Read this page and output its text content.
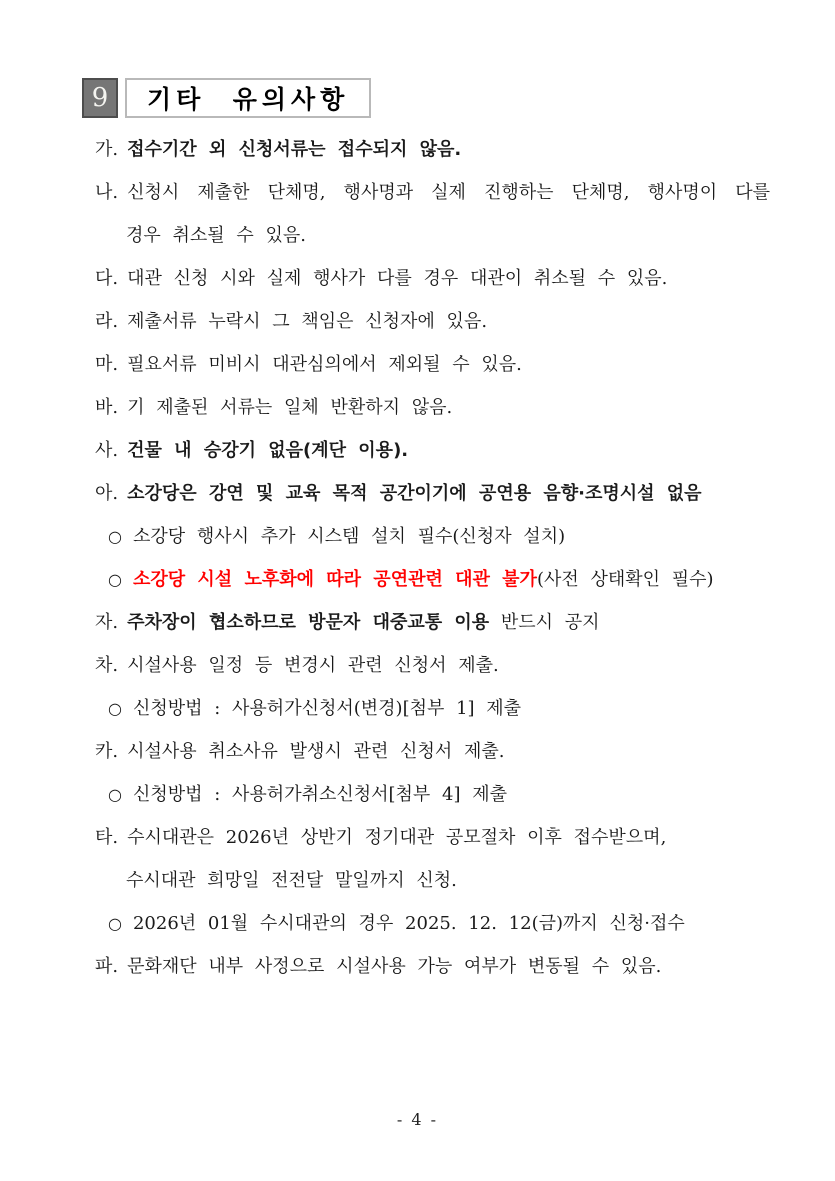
9	기타  유의사항
가. 접수기간 외 신청서류는 접수되지 않음.
나. 신청시 제출한 단체명, 행사명과 실제 진행하는 단체명, 행사명이 다를
경우 취소될 수 있음.
다. 대관 신청 시와 실제 행사가 다를 경우 대관이 취소될 수 있음.
라. 제출서류 누락시 그 책임은 신청자에 있음.
마. 필요서류 미비시 대관심의에서 제외될 수 있음.
바. 기 제출된 서류는 일체 반환하지 않음.
사. 건물 내 승강기 없음(계단 이용).
아. 소강당은 강연 및 교육 목적 공간이기에 공연용 음향·조명시설 없음
○ 소강당 행사시 추가 시스템 설치 필수(신청자 설치)
○ 소강당 시설 노후화에 따라 공연관련 대관 불가(사전 상태확인 필수)
자. 주차장이 협소하므로 방문자 대중교통 이용 반드시 공지
차. 시설사용 일정 등 변경시 관련 신청서 제출.
○ 신청방법 : 사용허가신청서(변경)[첨부 1] 제출
카. 시설사용 취소사유 발생시 관련 신청서 제출.
○ 신청방법 : 사용허가취소신청서[첨부 4] 제출
타. 수시대관은 2026년 상반기 정기대관 공모절차 이후 접수받으며,
수시대관 희망일 전전달 말일까지 신청.
○ 2026년 01월 수시대관의 경우 2025. 12. 12(금)까지 신청·접수
파. 문화재단 내부 사정으로 시설사용 가능 여부가 변동될 수 있음.
- 4 -
